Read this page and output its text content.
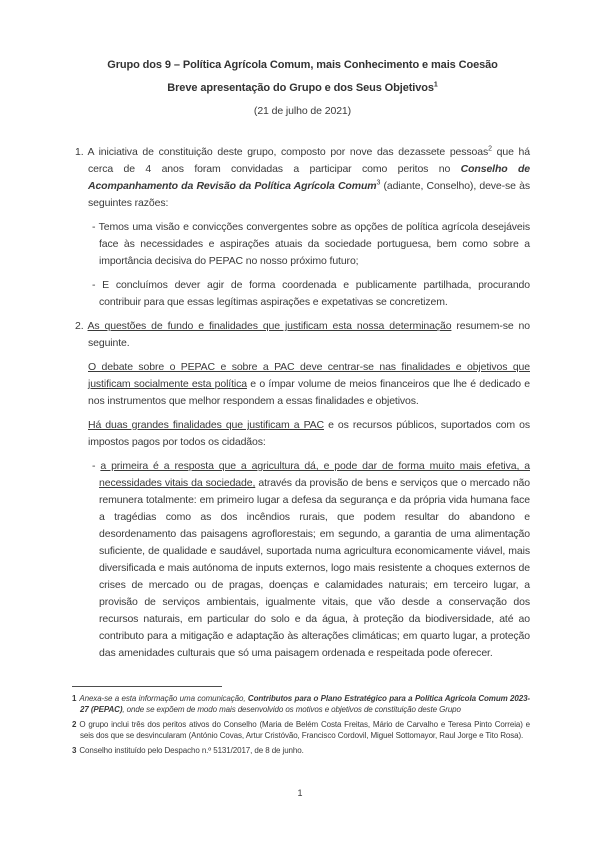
Grupo dos 9 – Política Agrícola Comum, mais Conhecimento e mais Coesão
Breve apresentação do Grupo e dos Seus Objetivos$^1$
(21 de julho de 2021)
1. A iniciativa de constituição deste grupo, composto por nove das dezassete pessoas$^2$ que há cerca de 4 anos foram convidadas a participar como peritos no Conselho de Acompanhamento da Revisão da Política Agrícola Comum$^3$ (adiante, Conselho), deve-se às seguintes razões:
- Temos uma visão e convicções convergentes sobre as opções de política agrícola desejáveis face às necessidades e aspirações atuais da sociedade portuguesa, bem como sobre a importância decisiva do PEPAC no nosso próximo futuro;
- E concluímos dever agir de forma coordenada e publicamente partilhada, procurando contribuir para que essas legítimas aspirações e expetativas se concretizem.
2. As questões de fundo e finalidades que justificam esta nossa determinação resumem-se no seguinte.
O debate sobre o PEPAC e sobre a PAC deve centrar-se nas finalidades e objetivos que justificam socialmente esta política e o ímpar volume de meios financeiros que lhe é dedicado e nos instrumentos que melhor respondem a essas finalidades e objetivos.
Há duas grandes finalidades que justificam a PAC e os recursos públicos, suportados com os impostos pagos por todos os cidadãos:
- a primeira é a resposta que a agricultura dá, e pode dar de forma muito mais efetiva, a necessidades vitais da sociedade, através da provisão de bens e serviços que o mercado não remunera totalmente: em primeiro lugar a defesa da segurança e da própria vida humana face a tragédias como as dos incêndios rurais, que podem resultar do abandono e desordenamento das paisagens agroflorestais; em segundo, a garantia de uma alimentação suficiente, de qualidade e saudável, suportada numa agricultura economicamente viável, mais diversificada e mais autónoma de inputs externos, logo mais resistente a choques externos de crises de mercado ou de pragas, doenças e calamidades naturais; em terceiro lugar, a provisão de serviços ambientais, igualmente vitais, que vão desde a conservação dos recursos naturais, em particular do solo e da água, à proteção da biodiversidade, até ao contributo para a mitigação e adaptação às alterações climáticas; em quarto lugar, a proteção das amenidades culturais que só uma paisagem ordenada e respeitada pode oferecer.
1 Anexa-se a esta informação uma comunicação, Contributos para o Plano Estratégico para a Política Agrícola Comum 2023-27 (PEPAC), onde se expõem de modo mais desenvolvido os motivos e objetivos de constituição deste Grupo
2 O grupo inclui três dos peritos ativos do Conselho (Maria de Belém Costa Freitas, Mário de Carvalho e Teresa Pinto Correia) e seis dos que se desvincularam (António Covas, Artur Cristóvão, Francisco Cordovil, Miguel Sottomayor, Raul Jorge e Tito Rosa).
3 Conselho instituído pelo Despacho n.º 5131/2017, de 8 de junho.
1
